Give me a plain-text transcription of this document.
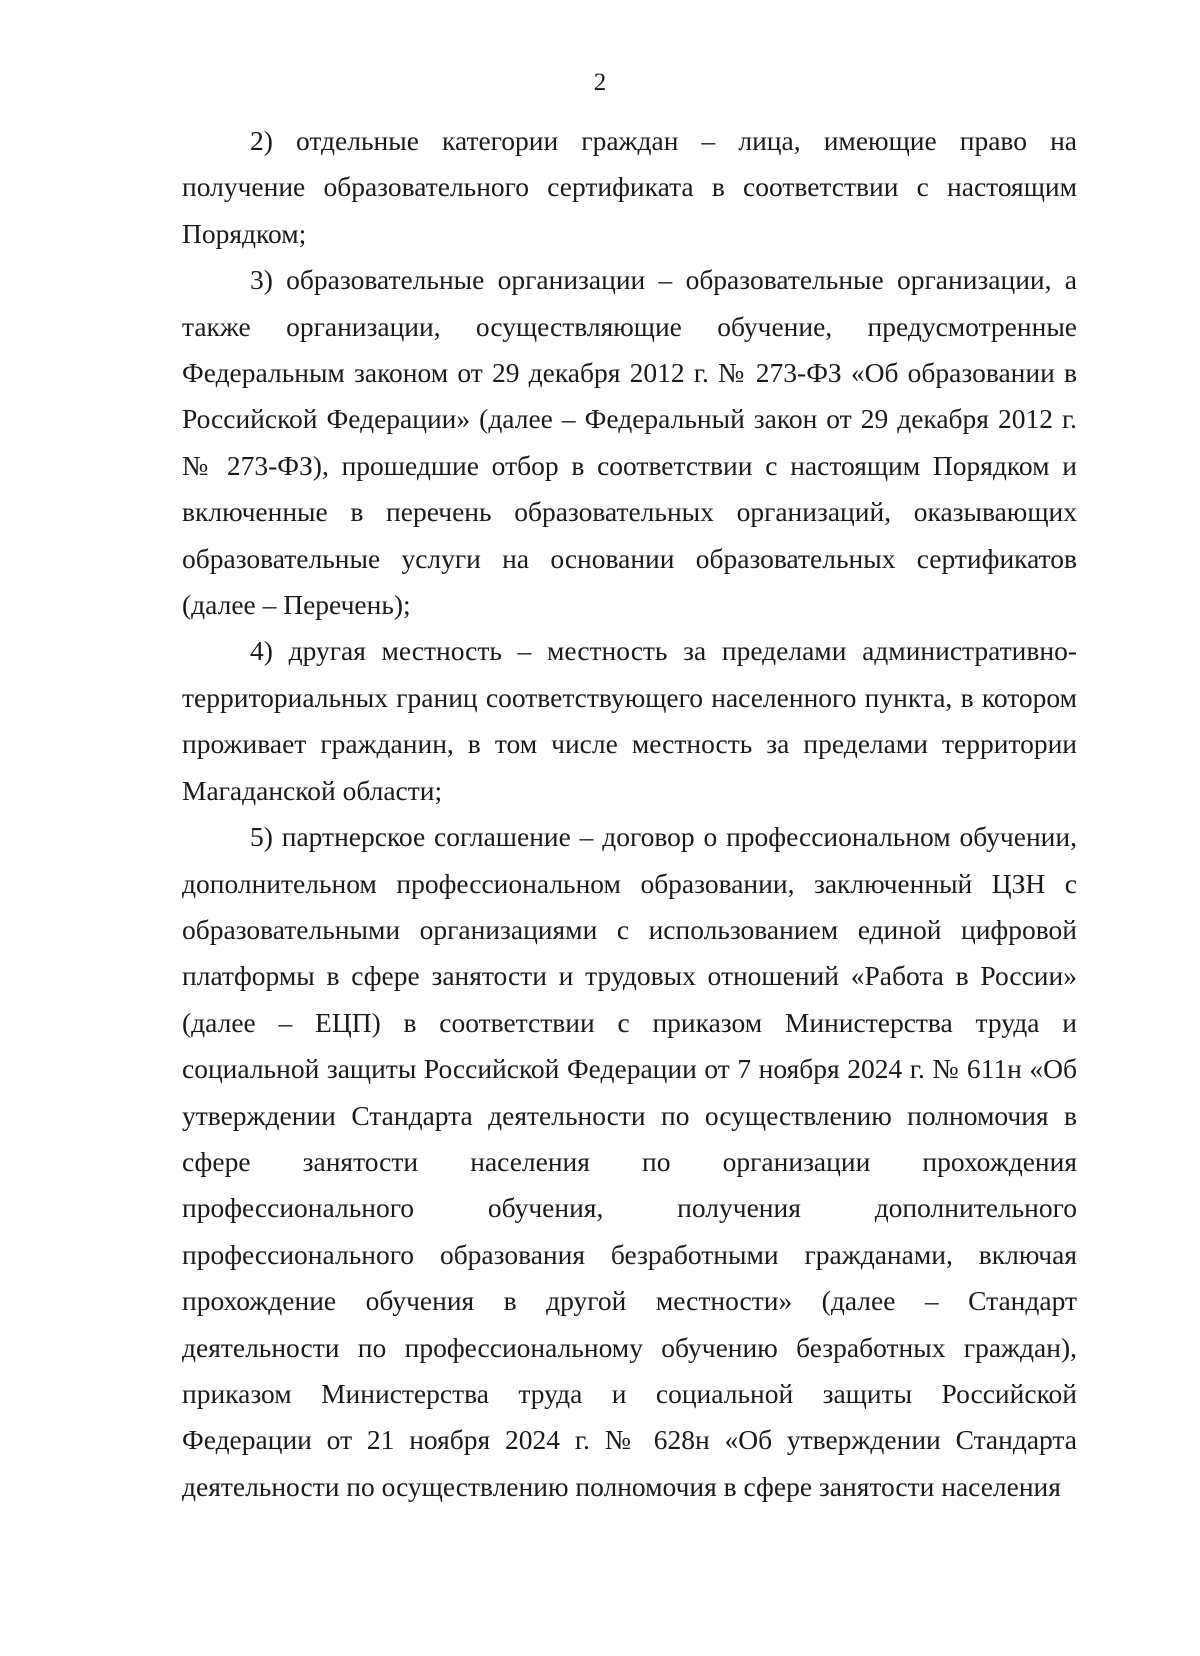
2

2) отдельные категории граждан – лица, имеющие право на получение образовательного сертификата в соответствии с настоящим Порядком;

3) образовательные организации – образовательные организации, а также организации, осуществляющие обучение, предусмотренные Федеральным законом от 29 декабря 2012 г. № 273-ФЗ «Об образовании в Российской Федерации» (далее – Федеральный закон от 29 декабря 2012 г. № 273-ФЗ), прошедшие отбор в соответствии с настоящим Порядком и включенные в перечень образовательных организаций, оказывающих образовательные услуги на основании образовательных сертификатов (далее – Перечень);

4) другая местность – местность за пределами административно-территориальных границ соответствующего населенного пункта, в котором проживает гражданин, в том числе местность за пределами территории Магаданской области;

5) партнерское соглашение – договор о профессиональном обучении, дополнительном профессиональном образовании, заключенный ЦЗН с образовательными организациями с использованием единой цифровой платформы в сфере занятости и трудовых отношений «Работа в России» (далее – ЕЦП) в соответствии с приказом Министерства труда и социальной защиты Российской Федерации от 7 ноября 2024 г. № 611н «Об утверждении Стандарта деятельности по осуществлению полномочия в сфере занятости населения по организации прохождения профессионального обучения, получения дополнительного профессионального образования безработными гражданами, включая прохождение обучения в другой местности» (далее – Стандарт деятельности по профессиональному обучению безработных граждан), приказом Министерства труда и социальной защиты Российской Федерации от 21 ноября 2024 г. № 628н «Об утверждении Стандарта деятельности по осуществлению полномочия в сфере занятости населения
